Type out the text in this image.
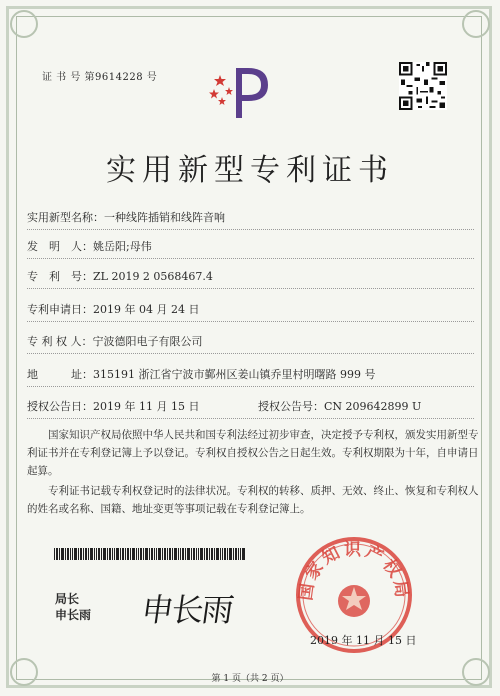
证 书 号 第9614228 号
实用新型专利证书
实用新型名称：一种线阵插销和线阵音响
发　明　人：姚岳阳;母伟
专　利　号：ZL 2019 2 0568467.4
专利申请日：2019 年 04 月 24 日
专 利 权 人：宁波德阳电子有限公司
地　　　址：315191 浙江省宁波市鄞州区姜山镇乔里村明曙路 999 号
授权公告日：2019 年 11 月 15 日	授权公告号：CN 209642899 U
国家知识产权局依照中华人民共和国专利法经过初步审查，决定授予专利权，颁发实用新型专利证书并在专利登记簿上予以登记。专利权自授权公告之日起生效。专利权期限为十年，自申请日起算。
专利证书记载专利权登记时的法律状况。专利权的转移、质押、无效、终止、恢复和专利权人的姓名或名称、国籍、地址变更等事项记载在专利登记簿上。
局长
申长雨 申长雨
国家知识产权局
2019 年 11 月 15 日
第 1 页（共 2 页）
